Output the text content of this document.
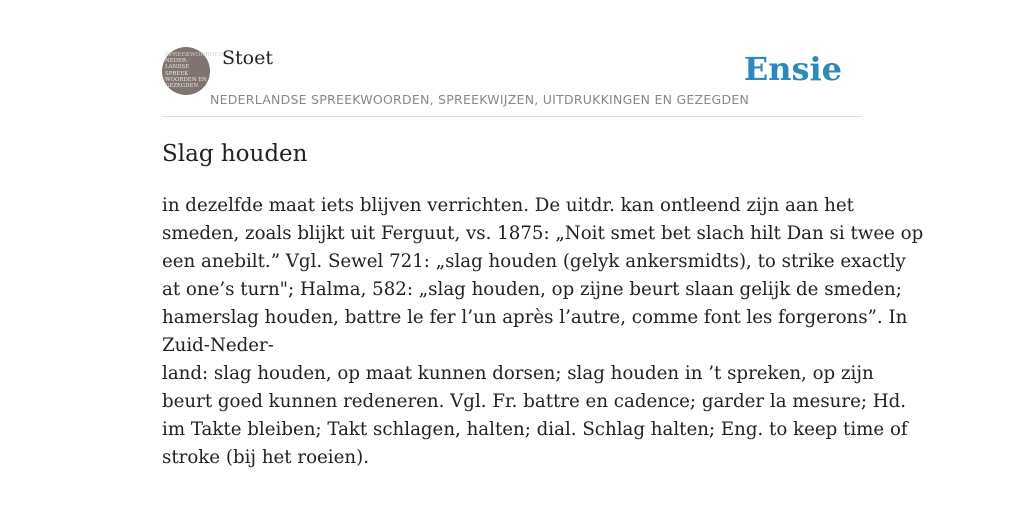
SPREEKWOORDEN
NEDER-
LANDSE
SPREEK
WOORDEN EN
GEZEGDEN
Stoet
NEDERLANDSE SPREEKWOORDEN, SPREEKWIJZEN, UITDRUKKINGEN EN GEZEGDEN
Ensie
Slag houden

in dezelfde maat iets blijven verrichten. De uitdr. kan ontleend zijn aan het

smeden, zoals blijkt uit Ferguut, vs. 1875: „Noit smet bet slach hilt Dan si twee op

een anebilt.” Vgl. Sewel 721: „slag houden (gelyk ankersmidts), to strike exactly

at one’s turn"; Halma, 582: „slag houden, op zijne beurt slaan gelijk de smeden;

hamerslag houden, battre le fer l’un après l’autre, comme font les forgerons”. In

Zuid-Neder-

land: slag houden, op maat kunnen dorsen; slag houden in ’t spreken, op zijn

beurt goed kunnen redeneren. Vgl. Fr. battre en cadence; garder la mesure; Hd.

im Takte bleiben; Takt schlagen, halten; dial. Schlag halten; Eng. to keep time of

stroke (bij het roeien).
